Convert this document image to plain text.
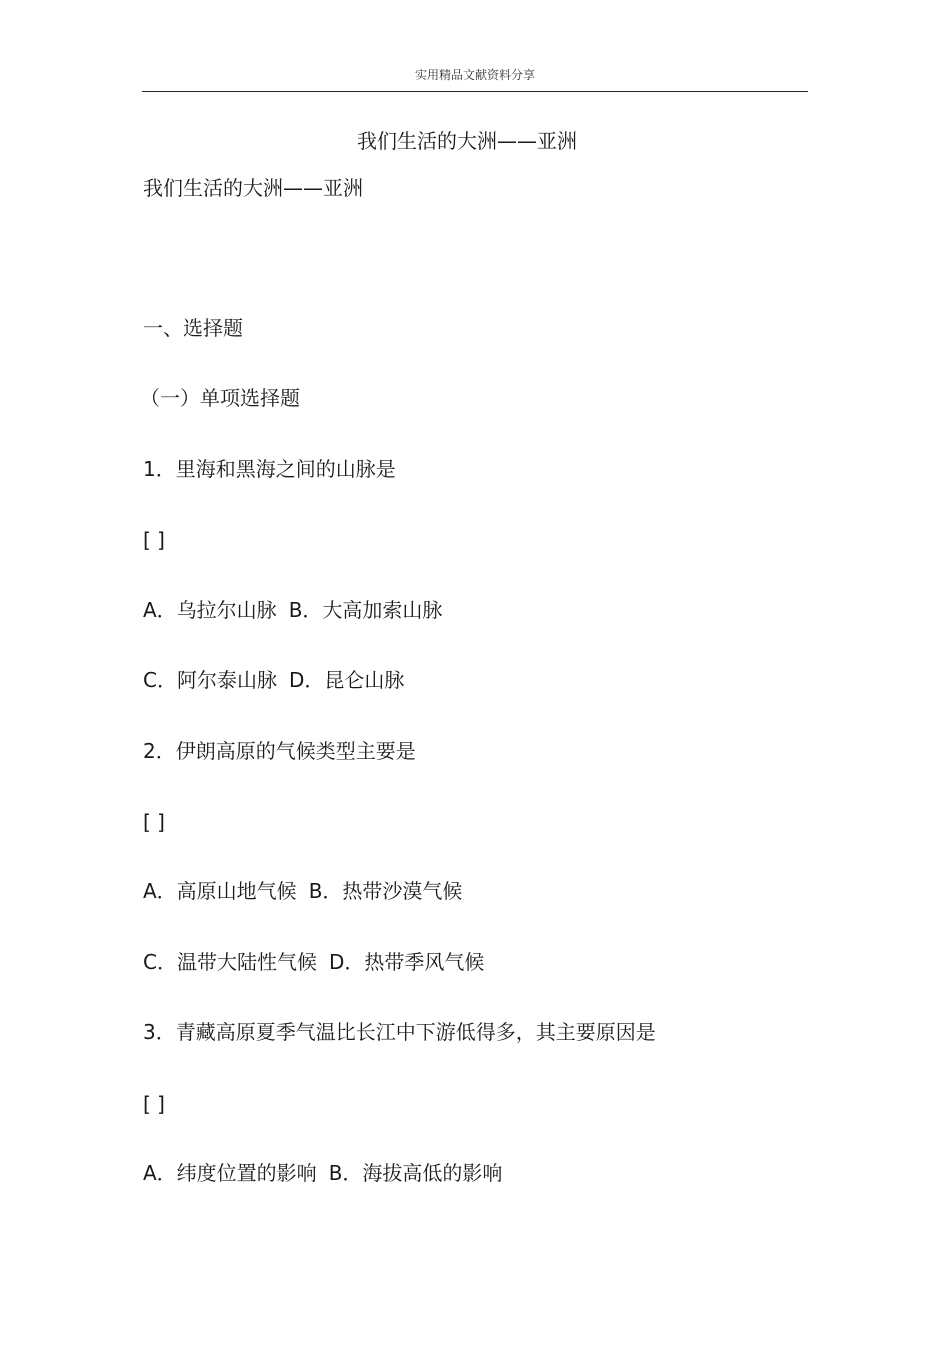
实用精品文献资料分享
我们生活的大洲——亚洲
我们生活的大洲——亚洲
一、选择题
（一）单项选择题
1．里海和黑海之间的山脉是
[ ]
A．乌拉尔山脉 B．大高加索山脉
C．阿尔泰山脉 D．昆仑山脉
2．伊朗高原的气候类型主要是
[ ]
A．高原山地气候 B．热带沙漠气候
C．温带大陆性气候 D．热带季风气候
3．青藏高原夏季气温比长江中下游低得多，其主要原因是
[ ]
A．纬度位置的影响 B．海拔高低的影响
